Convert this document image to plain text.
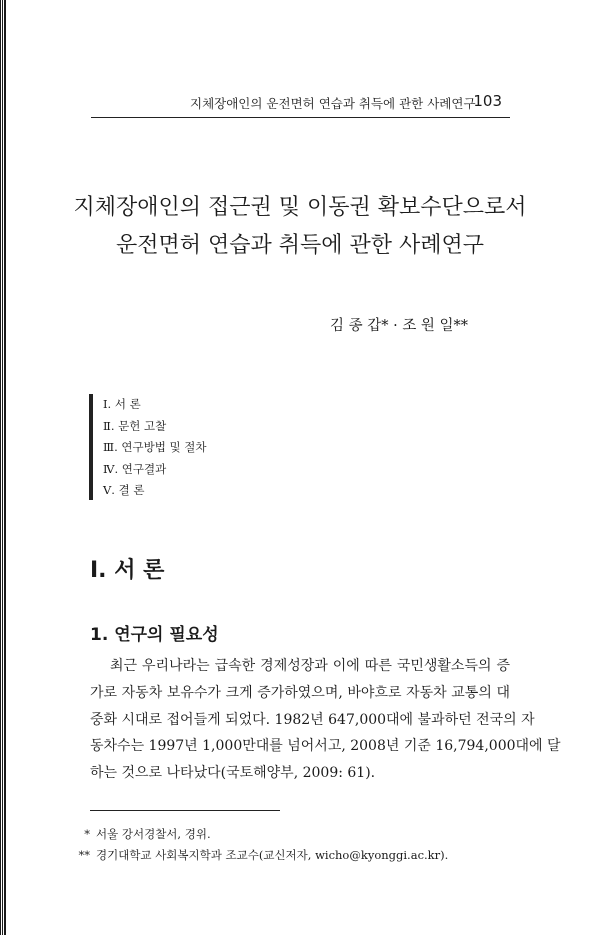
지체장애인의 운전면허 연습과 취득에 관한 사례연구
103
지체장애인의 접근권 및 이동권 확보수단으로서
운전면허 연습과 취득에 관한 사례연구
김 종 갑* · 조 원 일**
Ⅰ. 서 론
Ⅱ. 문헌 고찰
Ⅲ. 연구방법 및 절차
Ⅳ. 연구결과
Ⅴ. 결 론
Ⅰ. 서 론
1. 연구의 필요성
최근 우리나라는 급속한 경제성장과 이에 따른 국민생활소득의 증
가로 자동차 보유수가 크게 증가하였으며, 바야흐로 자동차 교통의 대
중화 시대로 접어들게 되었다. 1982년 647,000대에 불과하던 전국의 자
동차수는 1997년 1,000만대를 넘어서고, 2008년 기준 16,794,000대에 달
하는 것으로 나타났다(국토해양부, 2009: 61).
* 서울 강서경찰서, 경위.
** 경기대학교 사회복지학과 조교수(교신저자, wicho@kyonggi.ac.kr).
